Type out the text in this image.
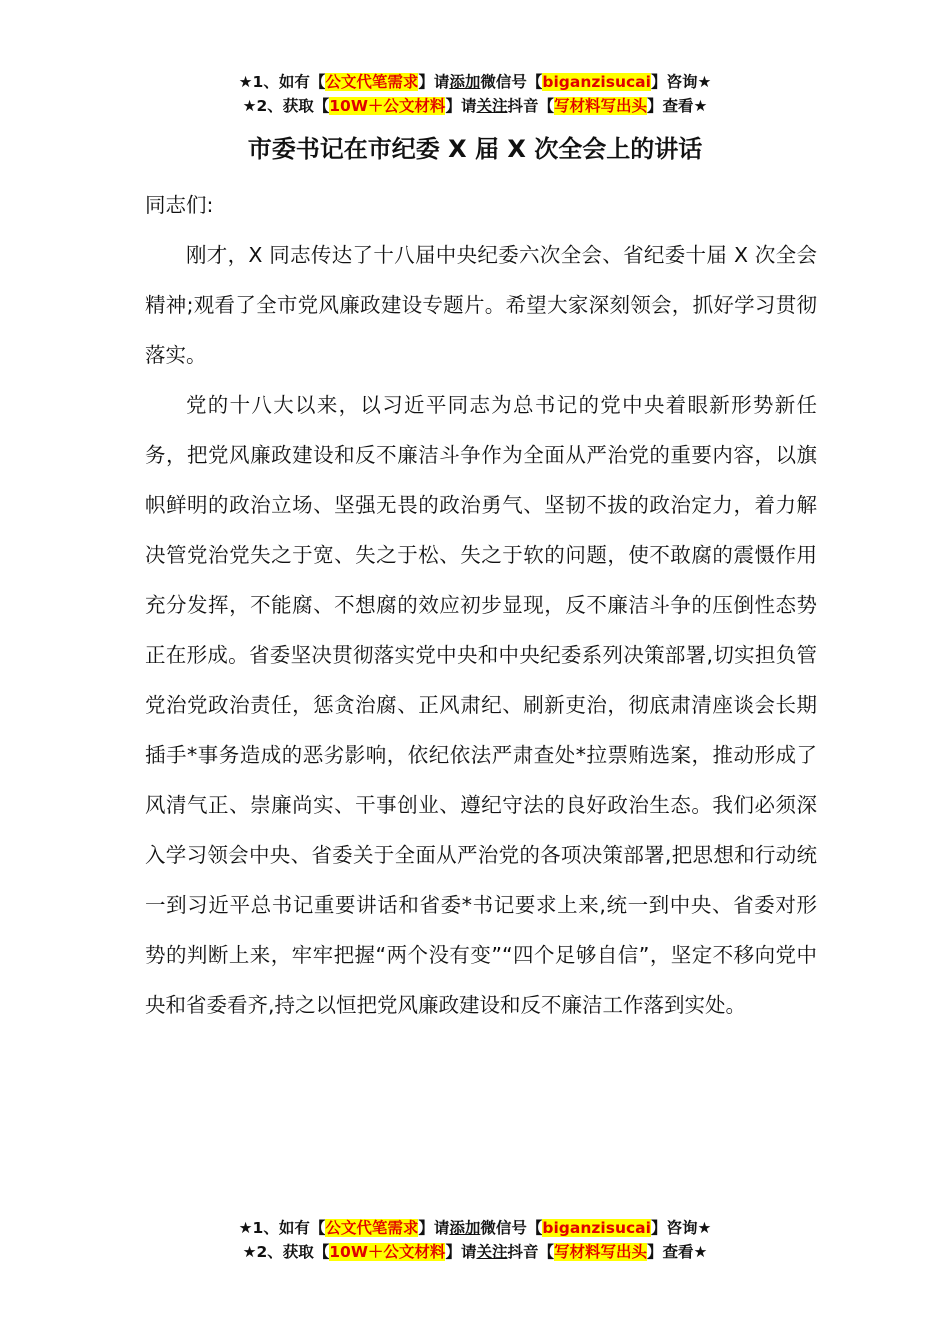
★1、如有【公文代笔需求】请添加微信号【biganzisucai】咨询★
★2、获取【10W＋公文材料】请关注抖音【写材料写出头】查看★
市委书记在市纪委 X 届 X 次全会上的讲话

同志们:

刚才，X 同志传达了十八届中央纪委六次全会、省纪委十届 X 次全会精神;观看了全市党风廉政建设专题片。希望大家深刻领会，抓好学习贯彻落实。

党的十八大以来，以习近平同志为总书记的党中央着眼新形势新任务，把党风廉政建设和反不廉洁斗争作为全面从严治党的重要内容，以旗帜鲜明的政治立场、坚强无畏的政治勇气、坚韧不拔的政治定力，着力解决管党治党失之于宽、失之于松、失之于软的问题，使不敢腐的震慑作用充分发挥，不能腐、不想腐的效应初步显现，反不廉洁斗争的压倒性态势正在形成。省委坚决贯彻落实党中央和中央纪委系列决策部署,切实担负管党治党政治责任，惩贪治腐、正风肃纪、刷新吏治，彻底肃清座谈会长期插手*事务造成的恶劣影响，依纪依法严肃查处*拉票贿选案，推动形成了风清气正、崇廉尚实、干事创业、遵纪守法的良好政治生态。我们必须深入学习领会中央、省委关于全面从严治党的各项决策部署,把思想和行动统一到习近平总书记重要讲话和省委*书记要求上来,统一到中央、省委对形势的判断上来，牢牢把握“两个没有变”“四个足够自信”，坚定不移向党中央和省委看齐,持之以恒把党风廉政建设和反不廉洁工作落到实处。

★1、如有【公文代笔需求】请添加微信号【biganzisucai】咨询★
★2、获取【10W＋公文材料】请关注抖音【写材料写出头】查看★
